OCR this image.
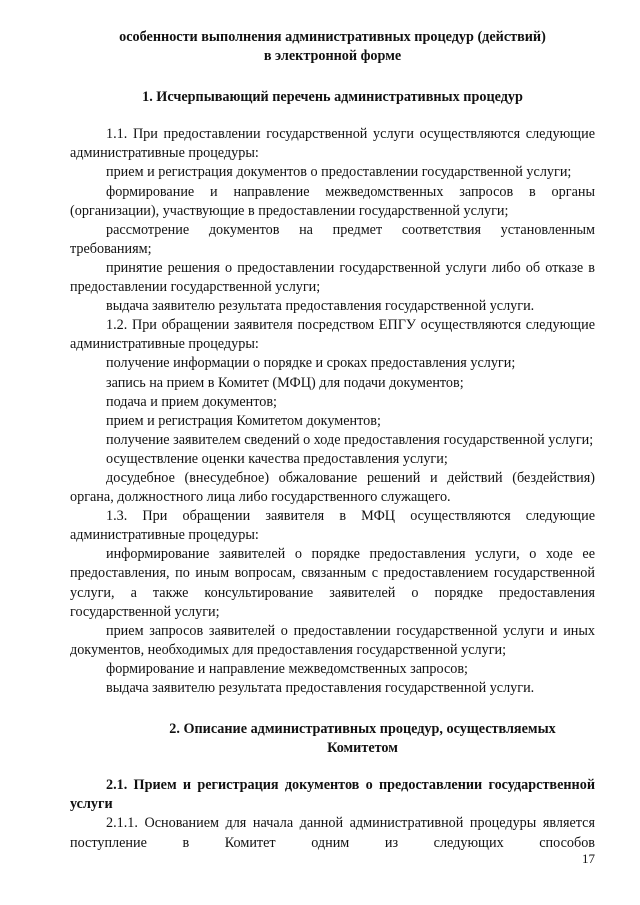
особенности выполнения административных процедур (действий)
в электронной форме
1. Исчерпывающий перечень административных процедур

1.1. При предоставлении государственной услуги осуществляются следующие административные процедуры:

прием и регистрация документов о предоставлении государственной услуги;

формирование и направление межведомственных запросов в органы (организации), участвующие в предоставлении государственной услуги;

рассмотрение документов на предмет соответствия установленным требованиям;

принятие решения о предоставлении государственной услуги либо об отказе в предоставлении государственной услуги;

выдача заявителю результата предоставления государственной услуги.

1.2. При обращении заявителя посредством ЕПГУ осуществляются следующие административные процедуры:

получение информации о порядке и сроках предоставления услуги;

запись на прием в Комитет (МФЦ) для подачи документов;

подача и прием документов;

прием и регистрация Комитетом документов;

получение заявителем сведений о ходе предоставления государственной услуги;

осуществление оценки качества предоставления услуги;

досудебное (внесудебное) обжалование решений и действий (бездействия) органа, должностного лица либо государственного служащего.

1.3. При обращении заявителя в МФЦ осуществляются следующие административные процедуры:

информирование заявителей о порядке предоставления услуги, о ходе ее предоставления, по иным вопросам, связанным с предоставлением государственной услуги, а также консультирование заявителей о порядке предоставления государственной услуги;

прием запросов заявителей о предоставлении государственной услуги и иных документов, необходимых для предоставления государственной услуги;

формирование и направление межведомственных запросов;

выдача заявителю результата предоставления государственной услуги.

2. Описание административных процедур, осуществляемых
Комитетом

2.1. Прием и регистрация документов о предоставлении государственной услуги

2.1.1. Основанием для начала данной административной процедуры является поступление в Комитет одним из следующих способов

17
